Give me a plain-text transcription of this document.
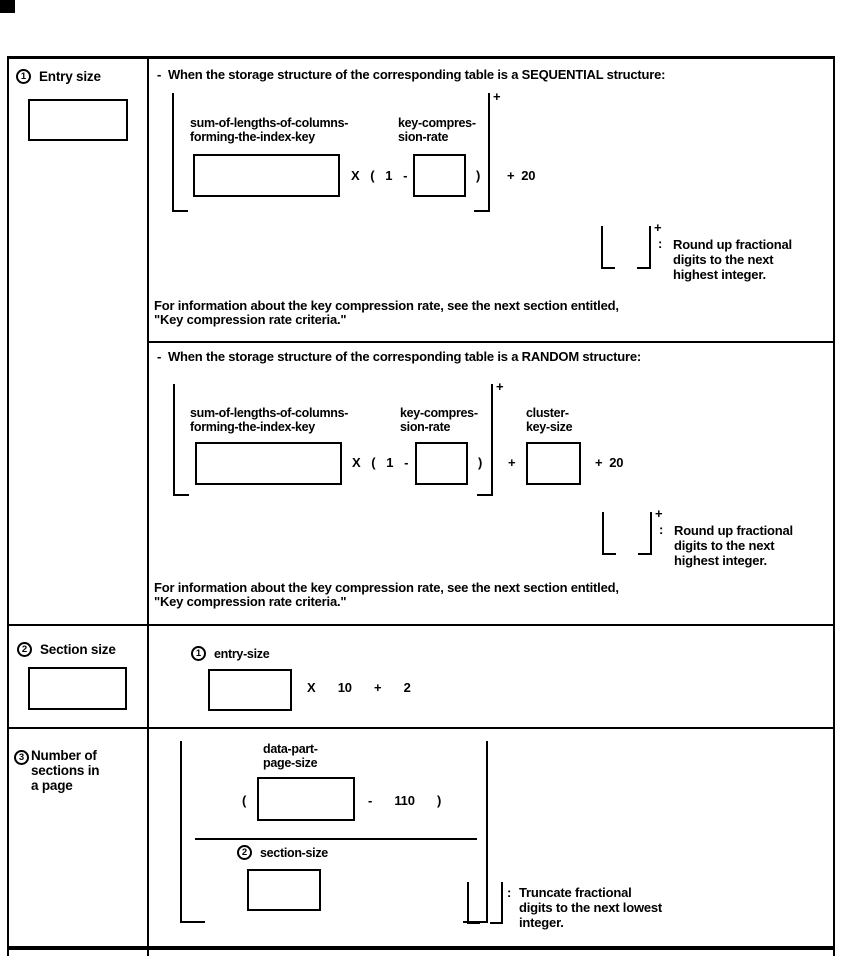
1 Entry size	-  When the storage structure of the corresponding table is a SEQUENTIAL structure:
+
sum-of-lengths-of-columns-
forming-the-index-key
key-compres-
sion-rate
X  (  1  -	) +  20
+
: Round up fractional
digits to the next
highest integer.
For information about the key compression rate, see the next section entitled,
"Key compression rate criteria."
-  When the storage structure of the corresponding table is a RANDOM structure:
+
sum-of-lengths-of-columns-
forming-the-index-key
key-compres-
sion-rate
cluster-
key-size
X  (  1  -	) +	+  20
+
: Round up fractional
digits to the next
highest integer.
For information about the key compression rate, see the next section entitled,
"Key compression rate criteria."
2 Section size	1	entry-size
X   10   +   2
3 Number of
sections in
a page
data-part-
page-size
(	-   110   )
2	section-size
: Truncate fractional
digits to the next lowest
integer.
